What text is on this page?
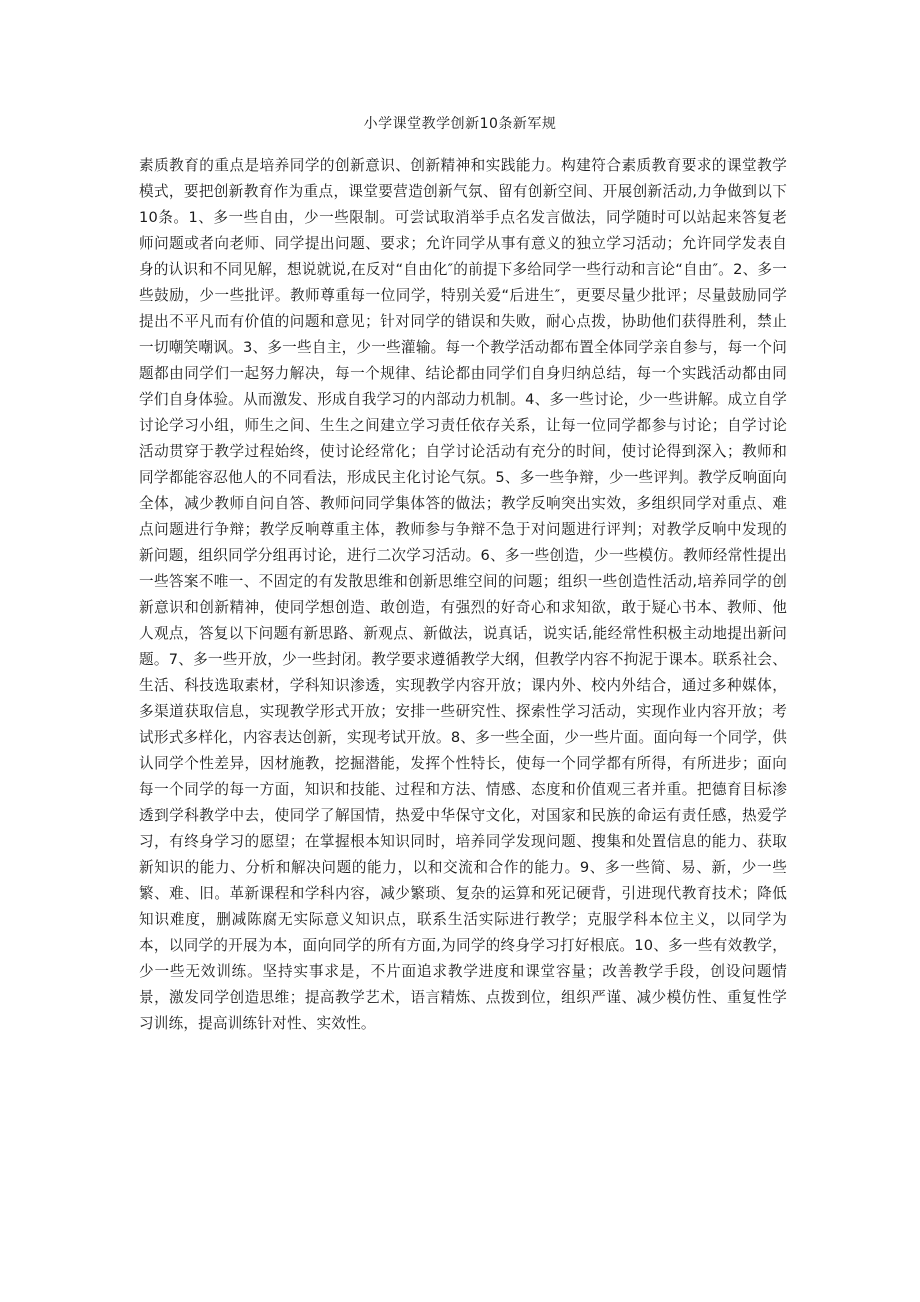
小学课堂教学创新10条新军规
素质教育的重点是培养同学的创新意识、创新精神和实践能力。构建符合素质教育要求的课堂教学模式，要把创新教育作为重点，课堂要营造创新气氛、留有创新空间、开展创新活动,力争做到以下10条。1、多一些自由，少一些限制。可尝试取消举手点名发言做法，同学随时可以站起来答复老师问题或者向老师、同学提出问题、要求；允许同学从事有意义的独立学习活动；允许同学发表自身的认识和不同见解，想说就说,在反对“自由化″的前提下多给同学一些行动和言论“自由″。2、多一些鼓励，少一些批评。教师尊重每一位同学，特别关爱“后进生″，更要尽量少批评；尽量鼓励同学提出不平凡而有价值的问题和意见；针对同学的错误和失败，耐心点拨，协助他们获得胜利，禁止一切嘲笑嘲讽。3、多一些自主，少一些灌输。每一个教学活动都布置全体同学亲自参与，每一个问题都由同学们一起努力解决，每一个规律、结论都由同学们自身归纳总结，每一个实践活动都由同学们自身体验。从而激发、形成自我学习的内部动力机制。4、多一些讨论，少一些讲解。成立自学讨论学习小组，师生之间、生生之间建立学习责任依存关系，让每一位同学都参与讨论；自学讨论活动贯穿于教学过程始终，使讨论经常化；自学讨论活动有充分的时间，使讨论得到深入；教师和同学都能容忍他人的不同看法，形成民主化讨论气氛。5、多一些争辩，少一些评判。教学反响面向全体，减少教师自问自答、教师问同学集体答的做法；教学反响突出实效，多组织同学对重点、难点问题进行争辩；教学反响尊重主体，教师参与争辩不急于对问题进行评判；对教学反响中发现的新问题，组织同学分组再讨论，进行二次学习活动。6、多一些创造，少一些模仿。教师经常性提出一些答案不唯一、不固定的有发散思维和创新思维空间的问题；组织一些创造性活动,培养同学的创新意识和创新精神，使同学想创造、敢创造，有强烈的好奇心和求知欲，敢于疑心书本、教师、他人观点，答复以下问题有新思路、新观点、新做法，说真话，说实话,能经常性积极主动地提出新问题。7、多一些开放，少一些封闭。教学要求遵循教学大纲，但教学内容不拘泥于课本。联系社会、生活、科技选取素材，学科知识渗透，实现教学内容开放；课内外、校内外结合，通过多种媒体，多渠道获取信息，实现教学形式开放；安排一些研究性、探索性学习活动，实现作业内容开放；考试形式多样化，内容表达创新，实现考试开放。8、多一些全面，少一些片面。面向每一个同学，供认同学个性差异，因材施教，挖掘潜能，发挥个性特长，使每一个同学都有所得，有所进步；面向每一个同学的每一方面，知识和技能、过程和方法、情感、态度和价值观三者并重。把德育目标渗透到学科教学中去，使同学了解国情，热爱中华保守文化，对国家和民族的命运有责任感，热爱学习，有终身学习的愿望；在掌握根本知识同时，培养同学发现问题、搜集和处置信息的能力、获取新知识的能力、分析和解决问题的能力，以和交流和合作的能力。9、多一些简、易、新，少一些繁、难、旧。革新课程和学科内容，减少繁琐、复杂的运算和死记硬背，引进现代教育技术；降低知识难度，删减陈腐无实际意义知识点，联系生活实际进行教学；克服学科本位主义，以同学为本，以同学的开展为本，面向同学的所有方面,为同学的终身学习打好根底。10、多一些有效教学，少一些无效训练。坚持实事求是，不片面追求教学进度和课堂容量；改善教学手段，创设问题情景，激发同学创造思维；提高教学艺术，语言精炼、点拨到位，组织严谨、减少模仿性、重复性学习训练，提高训练针对性、实效性。
